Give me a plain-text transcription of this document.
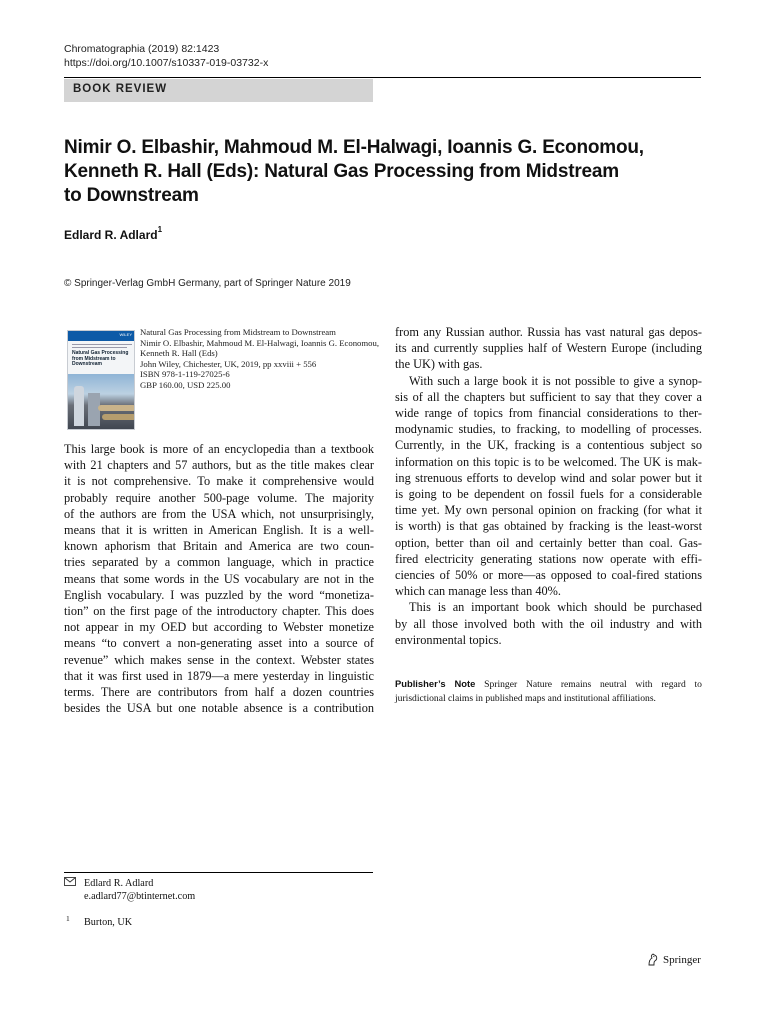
Chromatographia (2019) 82:1423
https://doi.org/10.1007/s10337-019-03732-x
BOOK REVIEW
Nimir O. Elbashir, Mahmoud M. El-Halwagi, Ioannis G. Economou,
Kenneth R. Hall (Eds): Natural Gas Processing from Midstream
to Downstream
Edlard R. Adlard$^1$
© Springer-Verlag GmbH Germany, part of Springer Nature 2019
WILEY
Natural Gas Processing from Midstream to Downstream
Natural Gas Processing from Midstream to Downstream
Nimir O. Elbashir, Mahmoud M. El-Halwagi, Ioannis G. Economou,
Kenneth R. Hall (Eds)
John Wiley, Chichester, UK, 2019, pp xxviii + 556
ISBN 978-1-119-27025-6
GBP 160.00, USD 225.00
This large book is more of an encyclopedia than a textbook
with 21 chapters and 57 authors, but as the title makes clear
it is not comprehensive. To make it comprehensive would
probably require another 500-page volume. The majority
of the authors are from the USA which, not unsurprisingly,
means that it is written in American English. It is a well-
known aphorism that Britain and America are two coun-
tries separated by a common language, which in practice
means that some words in the US vocabulary are not in the
English vocabulary. I was puzzled by the word “monetiza-
tion” on the first page of the introductory chapter. This does
not appear in my OED but according to Webster monetize
means “to convert a non-generating asset into a source of
revenue” which makes sense in the context. Webster states
that it was first used in 1879—a mere yesterday in linguistic
terms. There are contributors from half a dozen countries
besides the USA but one notable absence is a contribution
from any Russian author. Russia has vast natural gas depos-
its and currently supplies half of Western Europe (including
the UK) with gas.
With such a large book it is not possible to give a synop-
sis of all the chapters but sufficient to say that they cover a
wide range of topics from financial considerations to ther-
modynamic studies, to fracking, to modelling of processes.
Currently, in the UK, fracking is a contentious subject so
information on this topic is to be welcomed. The UK is mak-
ing strenuous efforts to develop wind and solar power but it
is going to be dependent on fossil fuels for a considerable
time yet. My own personal opinion on fracking (for what it
is worth) is that gas obtained by fracking is the least-worst
option, better than oil and certainly better than coal. Gas-
fired electricity generating stations now operate with effi-
ciencies of 50% or more—as opposed to coal-fired stations
which can manage less than 40%.
This is an important book which should be purchased
by all those involved both with the oil industry and with
environmental topics.
Publisher’s Note Springer Nature remains neutral with regard to
jurisdictional claims in published maps and institutional affiliations.
Edlard R. Adlard
e.adlard77@btinternet.com
1 Burton, UK
Springer
